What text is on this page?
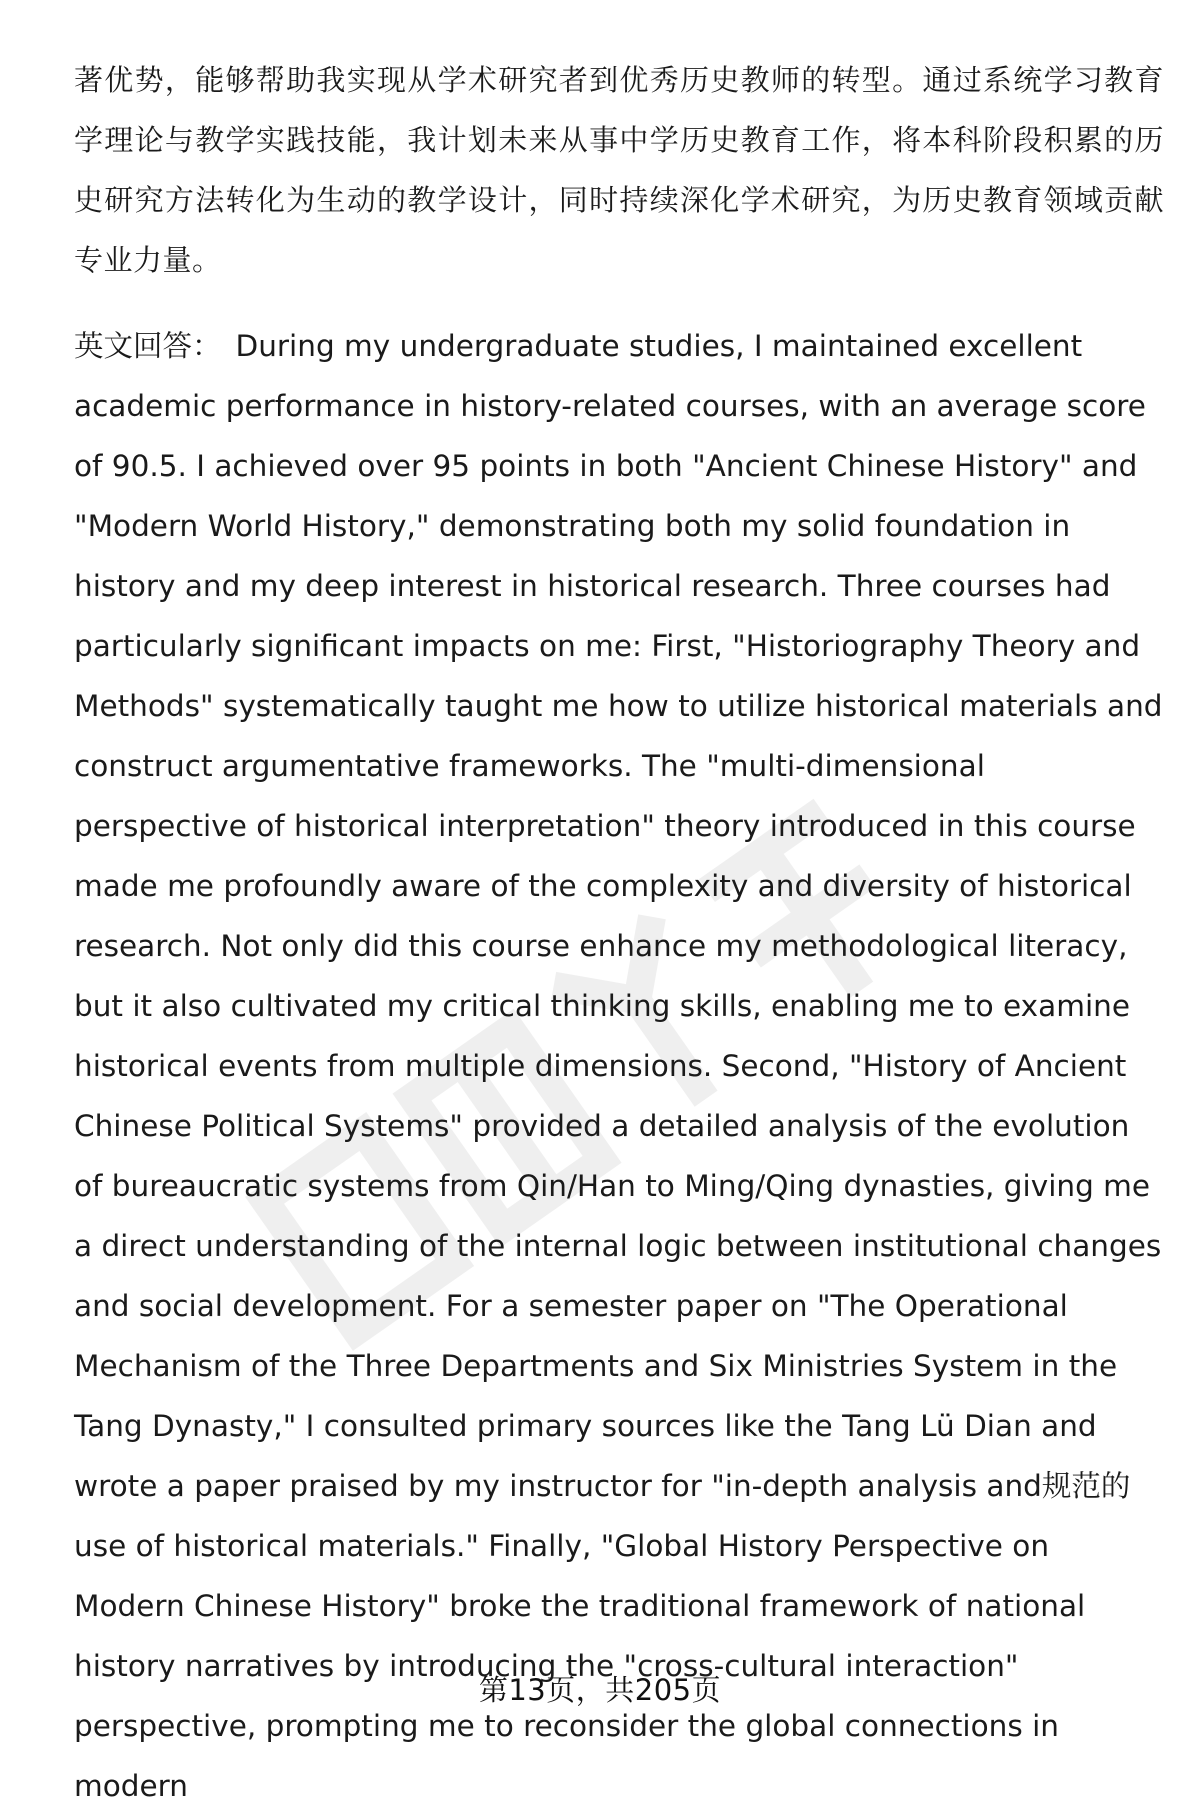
著优势，能够帮助我实现从学术研究者到优秀历史教师的转型。通过系统学习教育学理论与教学实践技能，我计划未来从事中学历史教育工作，将本科阶段积累的历史研究方法转化为生动的教学设计，同时持续深化学术研究，为历史教育领域贡献专业力量。

英文回答： During my undergraduate studies, I maintained excellent academic performance in history-related courses, with an average score of 90.5. I achieved over 95 points in both "Ancient Chinese History" and "Modern World History," demonstrating both my solid foundation in history and my deep interest in historical research. Three courses had particularly significant impacts on me: First, "Historiography Theory and Methods" systematically taught me how to utilize historical materials and construct argumentative frameworks. The "multi-dimensional perspective of historical interpretation" theory introduced in this course made me profoundly aware of the complexity and diversity of historical research. Not only did this course enhance my methodological literacy, but it also cultivated my critical thinking skills, enabling me to examine historical events from multiple dimensions. Second, "History of Ancient Chinese Political Systems" provided a detailed analysis of the evolution of bureaucratic systems from Qin/Han to Ming/Qing dynasties, giving me a direct understanding of the internal logic between institutional changes and social development. For a semester paper on "The Operational Mechanism of the Three Departments and Six Ministries System in the Tang Dynasty," I consulted primary sources like the Tang Lü Dian and wrote a paper praised by my instructor for "in-depth analysis and规范的 use of historical materials." Finally, "Global History Perspective on Modern Chinese History" broke the traditional framework of national history narratives by introducing the "cross-cultural interaction" perspective, prompting me to reconsider the global connections in modern

第13页，共205页
